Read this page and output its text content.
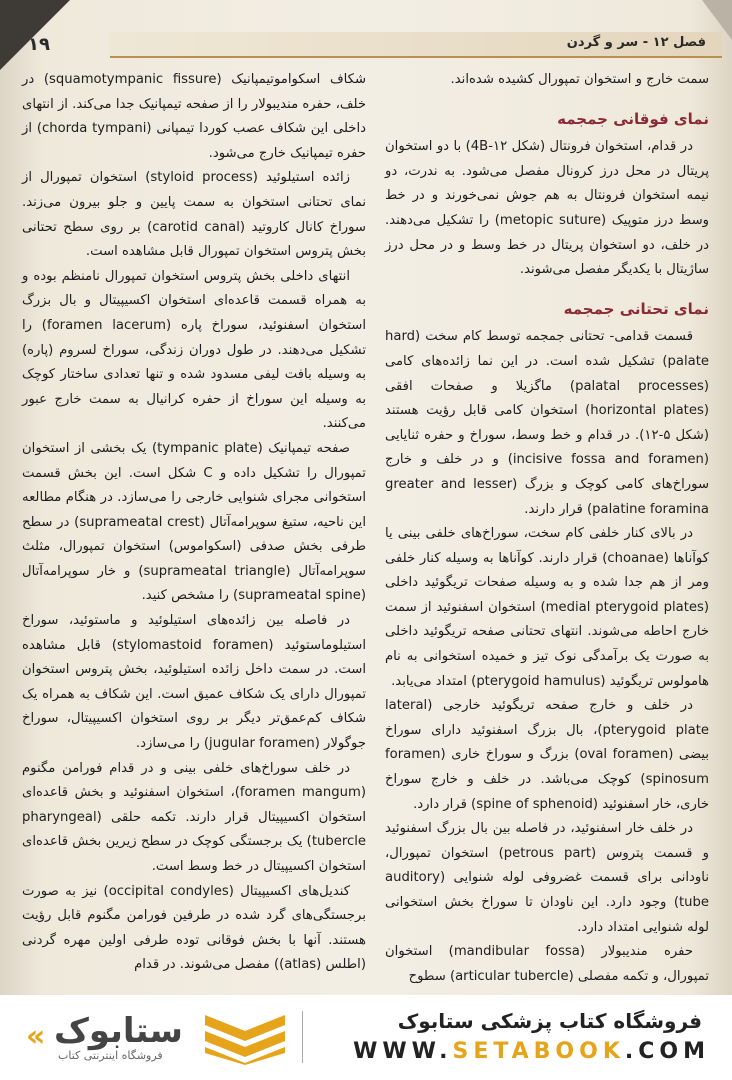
فصل ۱۲ - سر و گردن
١٩

سمت خارج و استخوان تمپورال کشیده شده‌اند.

نمای فوقانی جمجمه

در قدام، استخوان فرونتال (شکل ۱۲-4B) با دو استخوان پریتال در محل درز کرونال مفصل می‌شود. به ندرت، دو نیمه استخوان فرونتال به هم جوش نمی‌خورند و در خط وسط درز متوپیک (metopic suture) را تشکیل می‌دهند. در خلف، دو استخوان پریتال در خط وسط و در محل درز ساژیتال با یکدیگر مفصل می‌شوند.

نمای تحتانی جمجمه

قسمت قدامی- تحتانی جمجمه توسط کام سخت (hard palate) تشکیل شده است. در این نما زائده‌های کامی (palatal processes) ماگزیلا و صفحات افقی (horizontal plates) استخوان کامی قابل رؤیت هستند (شکل ۵-۱۲). در قدام و خط وسط، سوراخ و حفره ثنایایی (incisive fossa and foramen) و در خلف و خارج سوراخ‌های کامی کوچک و بزرگ (greater and lesser palatine foramina) قرار دارند.

در بالای کنار خلفی کام سخت، سوراخ‌های خلفی بینی یا کوآناها (choanae) قرار دارند. کوآناها به وسیله کنار خلفی ومر از هم جدا شده و به وسیله صفحات تریگوئید داخلی (medial pterygoid plates) استخوان اسفنوئید از سمت خارج احاطه می‌شوند. انتهای تحتانی صفحه تریگوئید داخلی به صورت یک برآمدگی نوک تیز و خمیده استخوانی به نام هامولوس تریگوئید (pterygoid hamulus) امتداد می‌یابد.

در خلف و خارج صفحه تریگوئید خارجی (lateral pterygoid plate)، بال بزرگ اسفنوئید دارای سوراخ بیضی (oval foramen) بزرگ و سوراخ خاری (foramen spinosum) کوچک می‌باشد. در خلف و خارج سوراخ خاری، خار اسفنوئید (spine of sphenoid) قرار دارد.

در خلف خار اسفنوئید، در فاصله بین بال بزرگ اسفنوئید و قسمت پتروس (petrous part) استخوان تمپورال، ناودانی برای قسمت غضروفی لوله شنوایی (auditory tube) وجود دارد. این ناودان تا سوراخ بخش استخوانی لوله شنوایی امتداد دارد.

حفره مندیبولار (mandibular fossa) استخوان تمپورال، و تکمه مفصلی (articular tubercle) سطوح

شکاف اسکواموتیمپانیک (squamotympanic fissure) در خلف، حفره مندیبولار را از صفحه تیمپانیک جدا می‌کند. از انتهای داخلی این شکاف عصب کوردا تیمپانی (chorda tympani) از حفره تیمپانیک خارج می‌شود.

زائده استیلوئید (styloid process) استخوان تمپورال از نمای تحتانی استخوان به سمت پایین و جلو بیرون می‌زند. سوراخ کانال کاروتید (carotid canal) بر روی سطح تحتانی بخش پتروس استخوان تمپورال قابل مشاهده است.

انتهای داخلی بخش پتروس استخوان تمپورال نامنظم بوده و به همراه قسمت قاعده‌ای استخوان اکسیپیتال و بال بزرگ استخوان اسفنوئید، سوراخ پاره (foramen lacerum) را تشکیل می‌دهند. در طول دوران زندگی، سوراخ لسروم (پاره) به وسیله بافت لیفی مسدود شده و تنها تعدادی ساختار کوچک به وسیله این سوراخ از حفره کرانیال به سمت خارج عبور می‌کنند.

صفحه تیمپانیک (tympanic plate) یک بخشی از استخوان تمپورال را تشکیل داده و C شکل است. این بخش قسمت استخوانی مجرای شنوایی خارجی را می‌سازد. در هنگام مطالعه این ناحیه، ستیغ سوپرامه‌آتال (suprameatal crest) در سطح طرفی بخش صدفی (اسکواموس) استخوان تمپورال، مثلث سوپرامه‌آتال (suprameatal triangle) و خار سوپرامه‌آتال (suprameatal spine) را مشخص کنید.

در فاصله بین زائده‌های استیلوئید و ماستوئید، سوراخ استیلوماستوئید (stylomastoid foramen) قابل مشاهده است. در سمت داخل زائده استیلوئید، بخش پتروس استخوان تمپورال دارای یک شکاف عمیق است. این شکاف به همراه یک شکاف کم‌عمق‌تر دیگر بر روی استخوان اکسیپیتال، سوراخ جوگولار (jugular foramen) را می‌سازد.

در خلف سوراخ‌های خلفی بینی و در قدام فورامن مگنوم (foramen mangum)، استخوان اسفنوئید و بخش قاعده‌ای استخوان اکسیپیتال قرار دارند. تکمه حلقی (pharyngeal tubercle) یک برجستگی کوچک در سطح زیرین بخش قاعده‌ای استخوان اکسیپیتال در خط وسط است.

کندیل‌های اکسیپیتال (occipital condyles) نیز به صورت برجستگی‌های گرد شده در طرفین فورامن مگنوم قابل رؤیت هستند. آنها با بخش فوقانی توده طرفی اولین مهره گردنی (اطلس (atlas)) مفصل می‌شوند. در قدام

« ستابوک
فروشگاه اینترنتی کتاب
فروشگاه کتاب پزشکی ستابوک
WWW.SETABOOK.COM
